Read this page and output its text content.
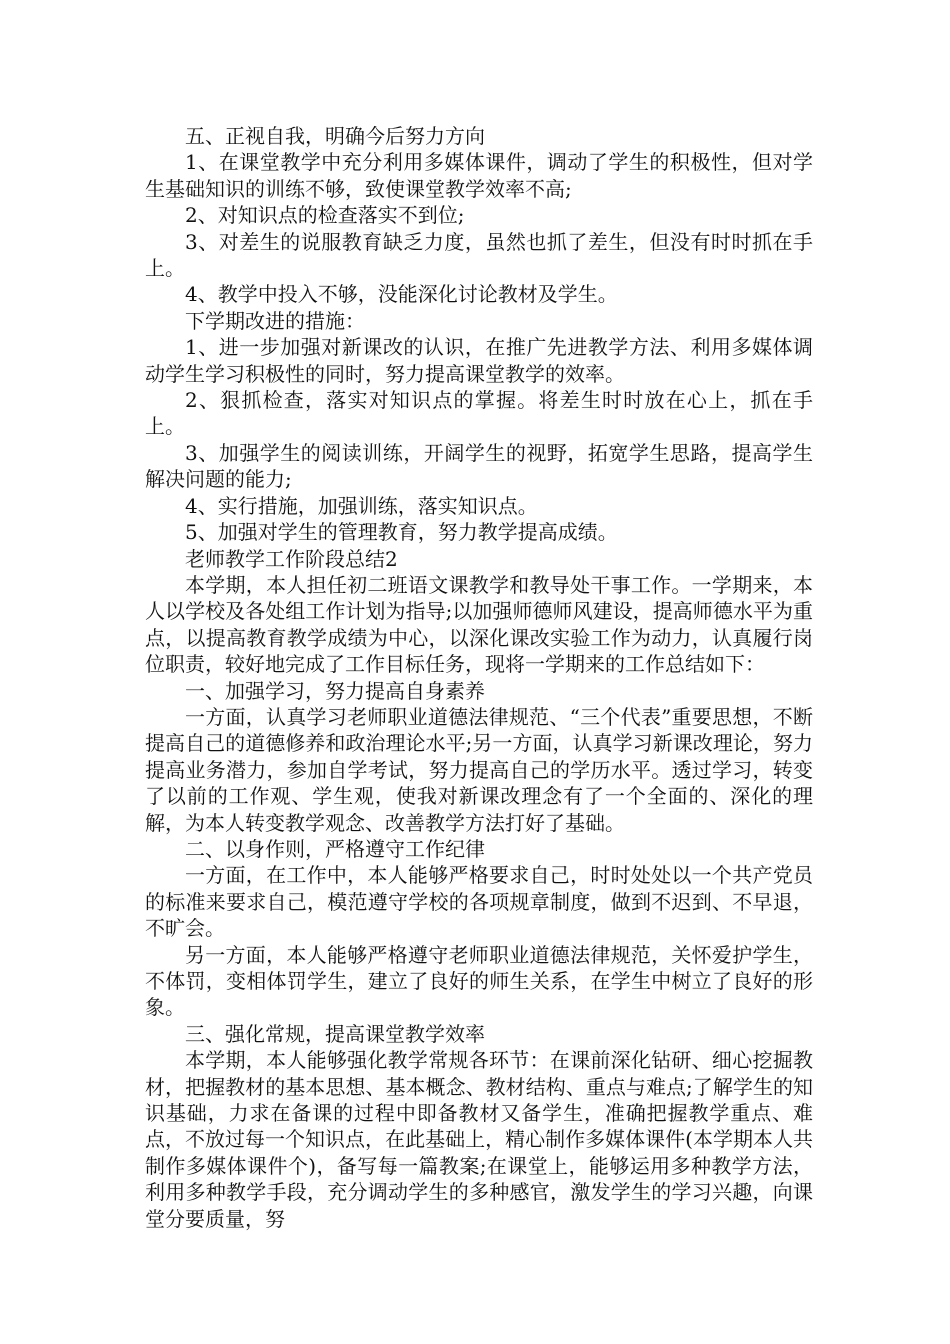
五、正视自我，明确今后努力方向

1、在课堂教学中充分利用多媒体课件，调动了学生的积极性，但对学生基础知识的训练不够，致使课堂教学效率不高;

2、对知识点的检查落实不到位;

3、对差生的说服教育缺乏力度，虽然也抓了差生，但没有时时抓在手上。

4、教学中投入不够，没能深化讨论教材及学生。

下学期改进的措施：

1、进一步加强对新课改的认识，在推广先进教学方法、利用多媒体调动学生学习积极性的同时，努力提高课堂教学的效率。

2、狠抓检查，落实对知识点的掌握。将差生时时放在心上，抓在手上。

3、加强学生的阅读训练，开阔学生的视野，拓宽学生思路，提高学生解决问题的能力;

4、实行措施，加强训练，落实知识点。

5、加强对学生的管理教育，努力教学提高成绩。

老师教学工作阶段总结2

本学期，本人担任初二班语文课教学和教导处干事工作。一学期来，本人以学校及各处组工作计划为指导;以加强师德师风建设，提高师德水平为重点，以提高教育教学成绩为中心，以深化课改实验工作为动力，认真履行岗位职责，较好地完成了工作目标任务，现将一学期来的工作总结如下：

一、加强学习，努力提高自身素养

一方面，认真学习老师职业道德法律规范、“三个代表”重要思想，不断提高自己的道德修养和政治理论水平;另一方面，认真学习新课改理论，努力提高业务潜力，参加自学考试，努力提高自己的学历水平。透过学习，转变了以前的工作观、学生观，使我对新课改理念有了一个全面的、深化的理解，为本人转变教学观念、改善教学方法打好了基础。

二、以身作则，严格遵守工作纪律

一方面，在工作中，本人能够严格要求自己，时时处处以一个共产党员的标准来要求自己，模范遵守学校的各项规章制度，做到不迟到、不早退，不旷会。

另一方面，本人能够严格遵守老师职业道德法律规范，关怀爱护学生，不体罚，变相体罚学生，建立了良好的师生关系，在学生中树立了良好的形象。

三、强化常规，提高课堂教学效率

本学期，本人能够强化教学常规各环节：在课前深化钻研、细心挖掘教材，把握教材的基本思想、基本概念、教材结构、重点与难点;了解学生的知识基础，力求在备课的过程中即备教材又备学生，准确把握教学重点、难点，不放过每一个知识点，在此基础上，精心制作多媒体课件(本学期本人共制作多媒体课件个)，备写每一篇教案;在课堂上，能够运用多种教学方法，利用多种教学手段，充分调动学生的多种感官，激发学生的学习兴趣，向课堂分要质量，努
